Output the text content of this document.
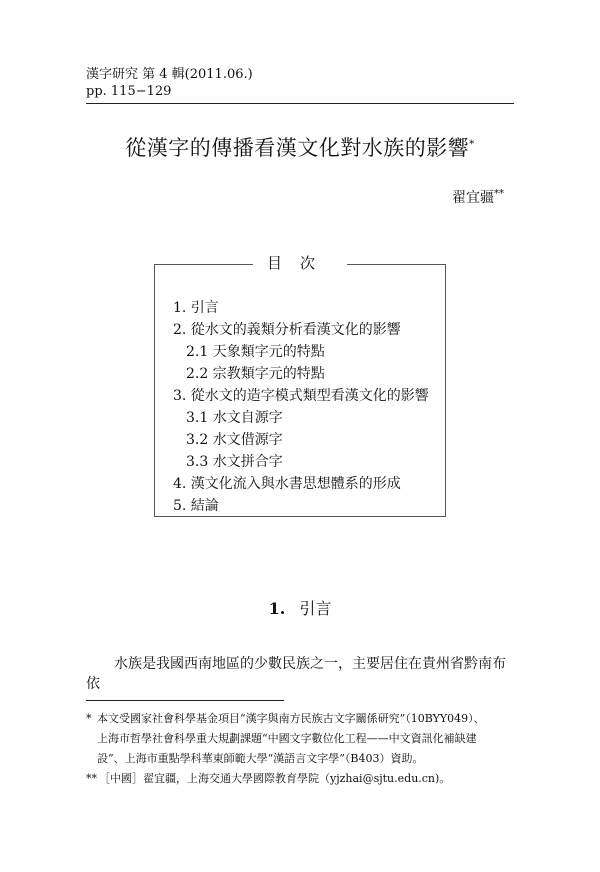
漢字研究 第 4 輯(2011.06.)
pp. 115−129
從漢字的傳播看漢文化對水族的影響*
翟宜疆**
目次
1. 引言
2. 從水文的義類分析看漢文化的影響
2.1 天象類字元的特點
2.2 宗教類字元的特點
3. 從水文的造字模式類型看漢文化的影響
3.1 水文自源字
3.2 水文借源字
3.3 水文拼合字
4. 漢文化流入與水書思想體系的形成
5. 結論
1. 引言
水族是我國西南地區的少數民族之一，主要居住在貴州省黔南布依
* 本文受國家社會科學基金項目“漢字與南方民族古文字關係研究”（10BYY049）、
上海市哲學社會科學重大規劃課題“中國文字數位化工程——中文資訊化補缺建
設”、上海市重點學科華東師範大學“漢語言文字學”（B403）資助。
** ［中國］翟宜疆，上海交通大學國際教育學院（yjzhai@sjtu.edu.cn)。
